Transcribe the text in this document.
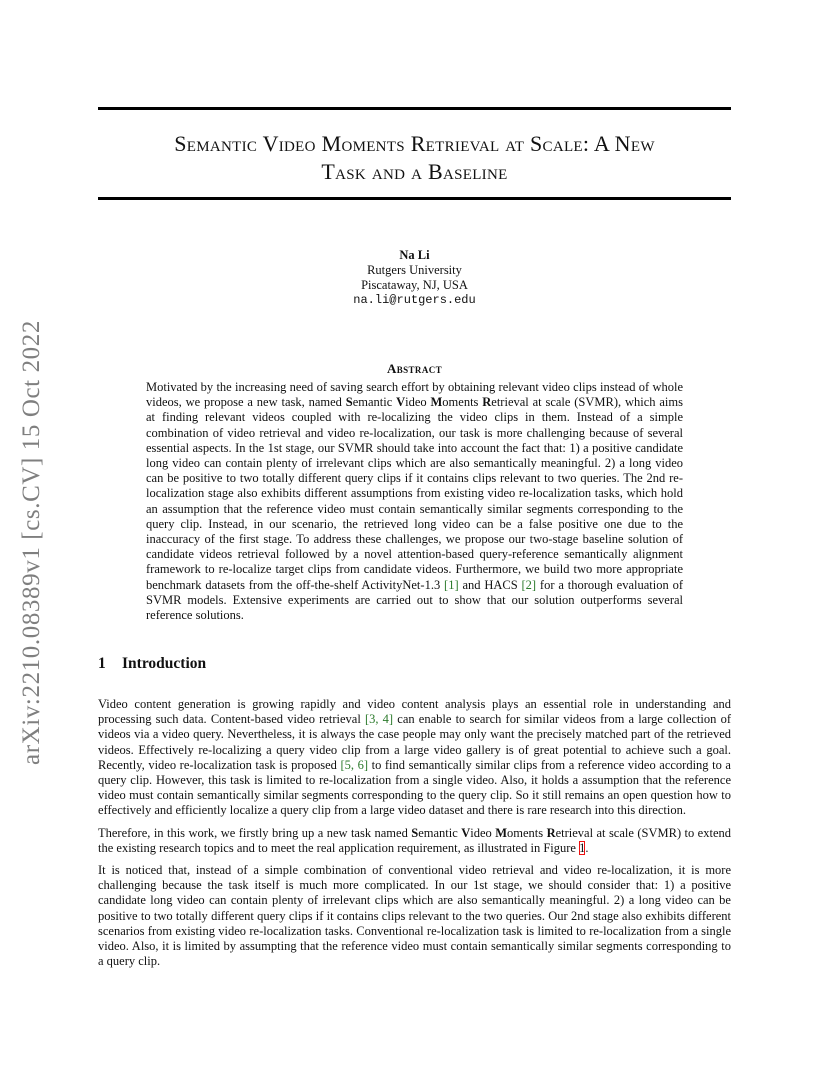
Semantic Video Moments Retrieval at Scale: A New
Task and a Baseline
arXiv:2210.08389v1 [cs.CV] 15 Oct 2022
Na Li
Rutgers University
Piscataway, NJ, USA
na.li@rutgers.edu
Abstract

Motivated by the increasing need of saving search effort by obtaining relevant video clips instead of whole videos, we propose a new task, named Semantic Video Moments Retrieval at scale (SVMR), which aims at finding relevant videos coupled with re-localizing the video clips in them. Instead of a simple combination of video retrieval and video re-localization, our task is more challenging because of several essential aspects. In the 1st stage, our SVMR should take into account the fact that: 1) a positive candidate long video can contain plenty of irrelevant clips which are also semantically meaningful. 2) a long video can be positive to two totally different query clips if it contains clips relevant to two queries. The 2nd re-localization stage also exhibits different assumptions from existing video re-localization tasks, which hold an assumption that the reference video must contain semantically similar segments corresponding to the query clip. Instead, in our scenario, the retrieved long video can be a false positive one due to the inaccuracy of the first stage. To address these challenges, we propose our two-stage baseline solution of candidate videos retrieval followed by a novel attention-based query-reference semantically alignment framework to re-localize target clips from candidate videos. Furthermore, we build two more appropriate benchmark datasets from the off-the-shelf ActivityNet-1.3 [1] and HACS [2] for a thorough evaluation of SVMR models. Extensive experiments are carried out to show that our solution outperforms several reference solutions.

1 Introduction

Video content generation is growing rapidly and video content analysis plays an essential role in understanding and processing such data. Content-based video retrieval [3, 4] can enable to search for similar videos from a large collection of videos via a video query. Nevertheless, it is always the case people may only want the precisely matched part of the retrieved videos. Effectively re-localizing a query video clip from a large video gallery is of great potential to achieve such a goal. Recently, video re-localization task is proposed [5, 6] to find semantically similar clips from a reference video according to a query clip. However, this task is limited to re-localization from a single video. Also, it holds a assumption that the reference video must contain semantically similar segments corresponding to the query clip. So it still remains an open question how to effectively and efficiently localize a query clip from a large video dataset and there is rare research into this direction.

Therefore, in this work, we firstly bring up a new task named Semantic Video Moments Retrieval at scale (SVMR) to extend the existing research topics and to meet the real application requirement, as illustrated in Figure 1.

It is noticed that, instead of a simple combination of conventional video retrieval and video re-localization, it is more challenging because the task itself is much more complicated. In our 1st stage, we should consider that: 1) a positive candidate long video can contain plenty of irrelevant clips which are also semantically meaningful. 2) a long video can be positive to two totally different query clips if it contains clips relevant to the two queries. Our 2nd stage also exhibits different scenarios from existing video re-localization tasks. Conventional re-localization task is limited to re-localization from a single video. Also, it is limited by assumpting that the reference video must contain semantically similar segments corresponding to a query clip.
